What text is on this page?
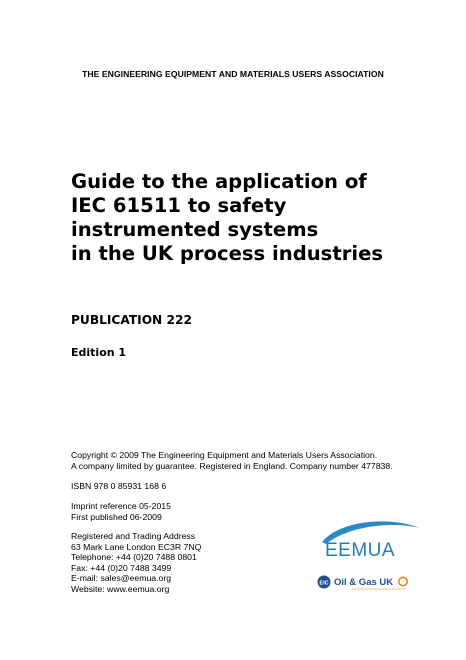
THE ENGINEERING EQUIPMENT AND MATERIALS USERS ASSOCIATION
Guide to the application of
IEC 61511 to safety
instrumented systems
in the UK process industries
PUBLICATION 222
Edition 1
Copyright © 2009 The Engineering Equipment and Materials Users Association.
A company limited by guarantee. Registered in England. Company number 477838.
ISBN 978 0 85931 168 6
Imprint reference 05-2015
First published 06-2009
Registered and Trading Address
63 Mark Lane London EC3R 7NQ
Telephone: +44 (0)20 7488 0801
Fax: +44 (0)20 7488 3499
E-mail: sales@eemua.org
Website: www.eemua.org
EEMUA
EIC Oil & Gas UK
